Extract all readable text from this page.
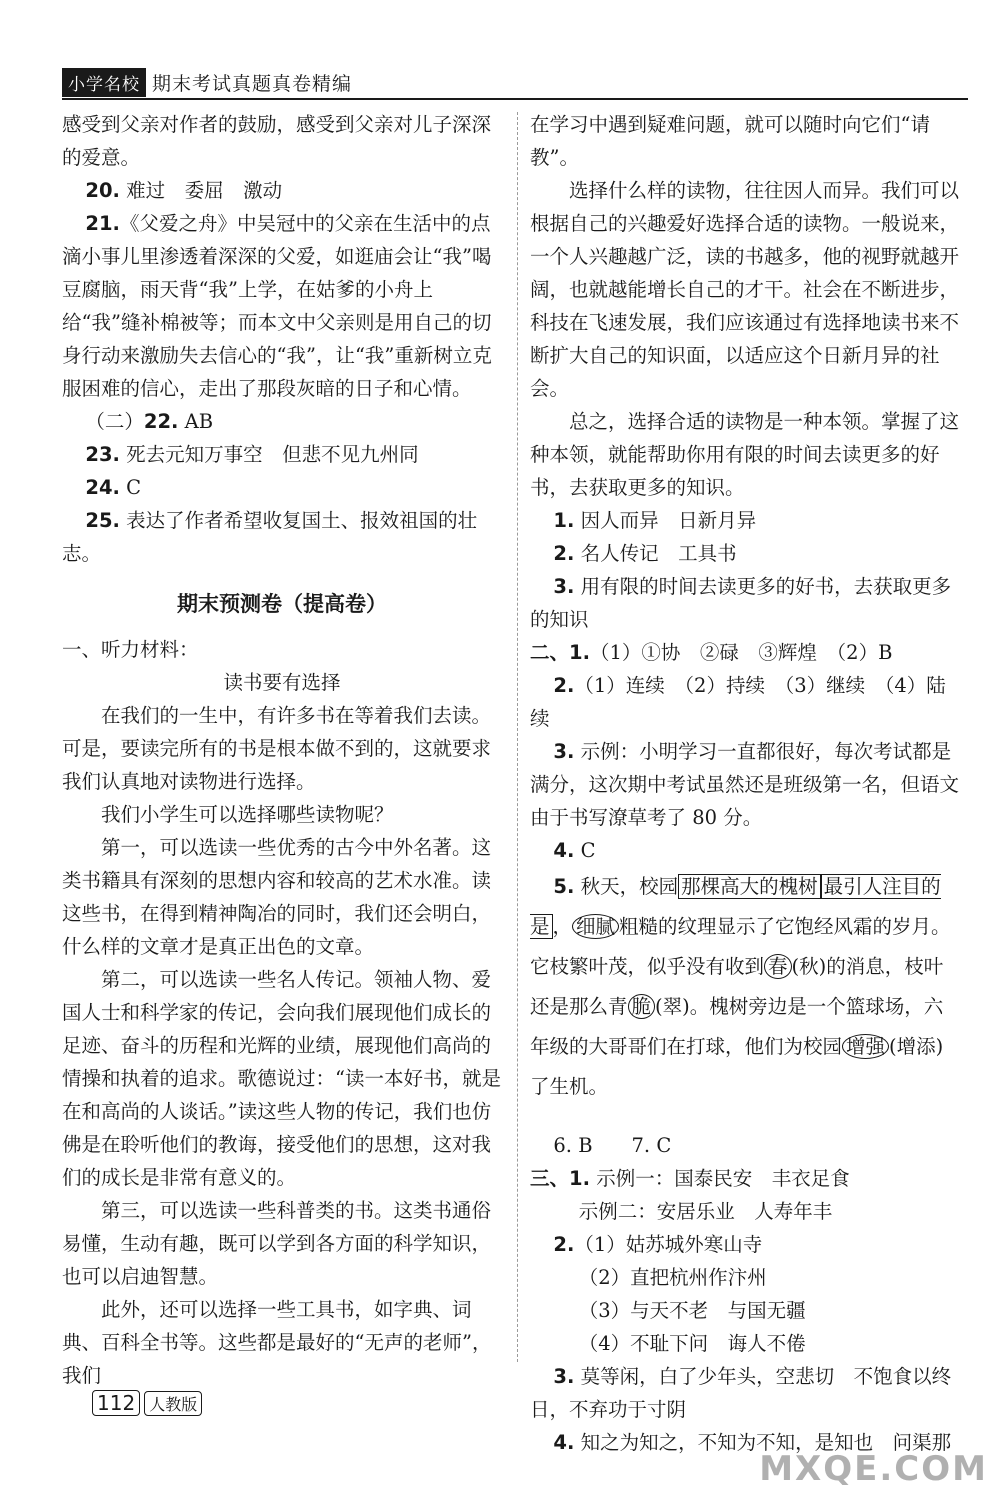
小学名校 期末考试真题真卷精编

感受到父亲对作者的鼓励，感受到父亲对儿子深深

的爱意。

20. 难过　委屈　激动

21.《父爱之舟》中吴冠中的父亲在生活中的点滴小事儿里渗透着深深的父爱，如逛庙会让“我”喝豆腐脑，雨天背“我”上学，在姑爹的小舟上给“我”缝补棉被等；而本文中父亲则是用自己的切身行动来激励失去信心的“我”，让“我”重新树立克服困难的信心，走出了那段灰暗的日子和心情。

（二）22. AB

23. 死去元知万事空　但悲不见九州同

24. C

25. 表达了作者希望收复国土、报效祖国的壮志。

期末预测卷（提高卷）

一、听力材料：

读书要有选择

在我们的一生中，有许多书在等着我们去读。可是，要读完所有的书是根本做不到的，这就要求我们认真地对读物进行选择。

我们小学生可以选择哪些读物呢？

第一，可以选读一些优秀的古今中外名著。这类书籍具有深刻的思想内容和较高的艺术水准。读这些书，在得到精神陶冶的同时，我们还会明白，什么样的文章才是真正出色的文章。

第二，可以选读一些名人传记。领袖人物、爱国人士和科学家的传记，会向我们展现他们成长的足迹、奋斗的历程和光辉的业绩，展现他们高尚的情操和执着的追求。歌德说过：“读一本好书，就是在和高尚的人谈话。”读这些人物的传记，我们也仿佛是在聆听他们的教诲，接受他们的思想，这对我们的成长是非常有意义的。

第三，可以选读一些科普类的书。这类书通俗易懂，生动有趣，既可以学到各方面的科学知识，也可以启迪智慧。

此外，还可以选择一些工具书，如字典、词典、百科全书等。这些都是最好的“无声的老师”，我们

在学习中遇到疑难问题，就可以随时向它们“请教”。

选择什么样的读物，往往因人而异。我们可以根据自己的兴趣爱好选择合适的读物。一般说来，一个人兴趣越广泛，读的书越多，他的视野就越开阔，也就越能增长自己的才干。社会在不断进步，科技在飞速发展，我们应该通过有选择地读书来不断扩大自己的知识面，以适应这个日新月异的社会。

总之，选择合适的读物是一种本领。掌握了这种本领，就能帮助你用有限的时间去读更多的好书，去获取更多的知识。

1. 因人而异　日新月异

2. 名人传记　工具书

3. 用有限的时间去读更多的好书，去获取更多的知识

二、1.（1）①协　②碌　③辉煌　（2）B

2.（1）连续　（2）持续　（3）继续　（4）陆续

3. 示例：小明学习一直都很好，每次考试都是满分，这次期中考试虽然还是班级第一名，但语文由于书写潦草考了 80 分。

4. C

5. 秋天，校园 那棵高大的槐树 最引人注目的是 ， 细腻 粗糙的纹理显示了它饱经风霜的岁月。它枝繁叶茂，似乎没有收到 春 (秋)的消息，枝叶还是那么青 脆 (翠)。槐树旁边是一个篮球场，六年级的大哥哥们在打球，他们为校园 增强 (增添)了生机。

6. B　　7. C

三、1. 示例一：国泰民安　丰衣足食

示例二：安居乐业　人寿年丰

2.（1）姑苏城外寒山寺

（2）直把杭州作汴州

（3）与天不老　与国无疆

（4）不耻下问　诲人不倦

3. 莫等闲，白了少年头，空悲切　不饱食以终日，不弃功于寸阴

4. 知之为知之，不知为不知，是知也　问渠那

112 人教版
MXQE.COM
